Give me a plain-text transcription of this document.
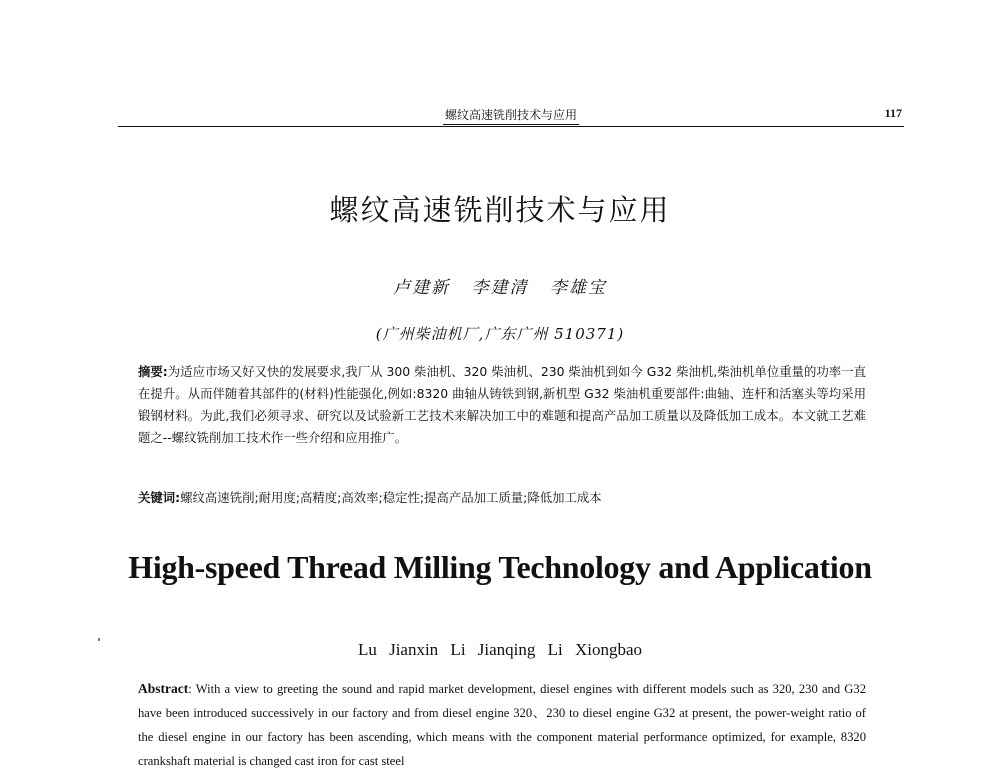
螺纹高速铣削技术与应用	117
螺纹高速铣削技术与应用
卢建新 李建清 李雄宝
(广州柴油机厂,广东广州 510371)

摘要:为适应市场又好又快的发展要求,我厂从 300 柴油机、320 柴油机、230 柴油机到如今 G32 柴油机,柴油机单位重量的功率一直在提升。从而伴随着其部件的(材料)性能强化,例如:8320 曲轴从铸铁到钢,新机型 G32 柴油机重要部件:曲轴、连杆和活塞头等均采用锻钢材料。为此,我们必须寻求、研究以及试验新工艺技术来解决加工中的难题和提高产品加工质量以及降低加工成本。本文就工艺难题之--螺纹铣削加工技术作一些介绍和应用推广。

关键词:螺纹高速铣削;耐用度;高精度;高效率;稳定性;提高产品加工质量;降低加工成本

High-speed Thread Milling Technology and Application
Lu Jianxin Li Jianqing Li Xiongbao

Abstract: With a view to greeting the sound and rapid market development, diesel engines with different models such as 320, 230 and G32 have been introduced successively in our factory and from diesel engine 320、230 to diesel engine G32 at present, the power-weight ratio of the diesel engine in our factory has been ascending, which means with the component material performance optimized, for example, 8320 crankshaft material is changed cast iron for cast steel
